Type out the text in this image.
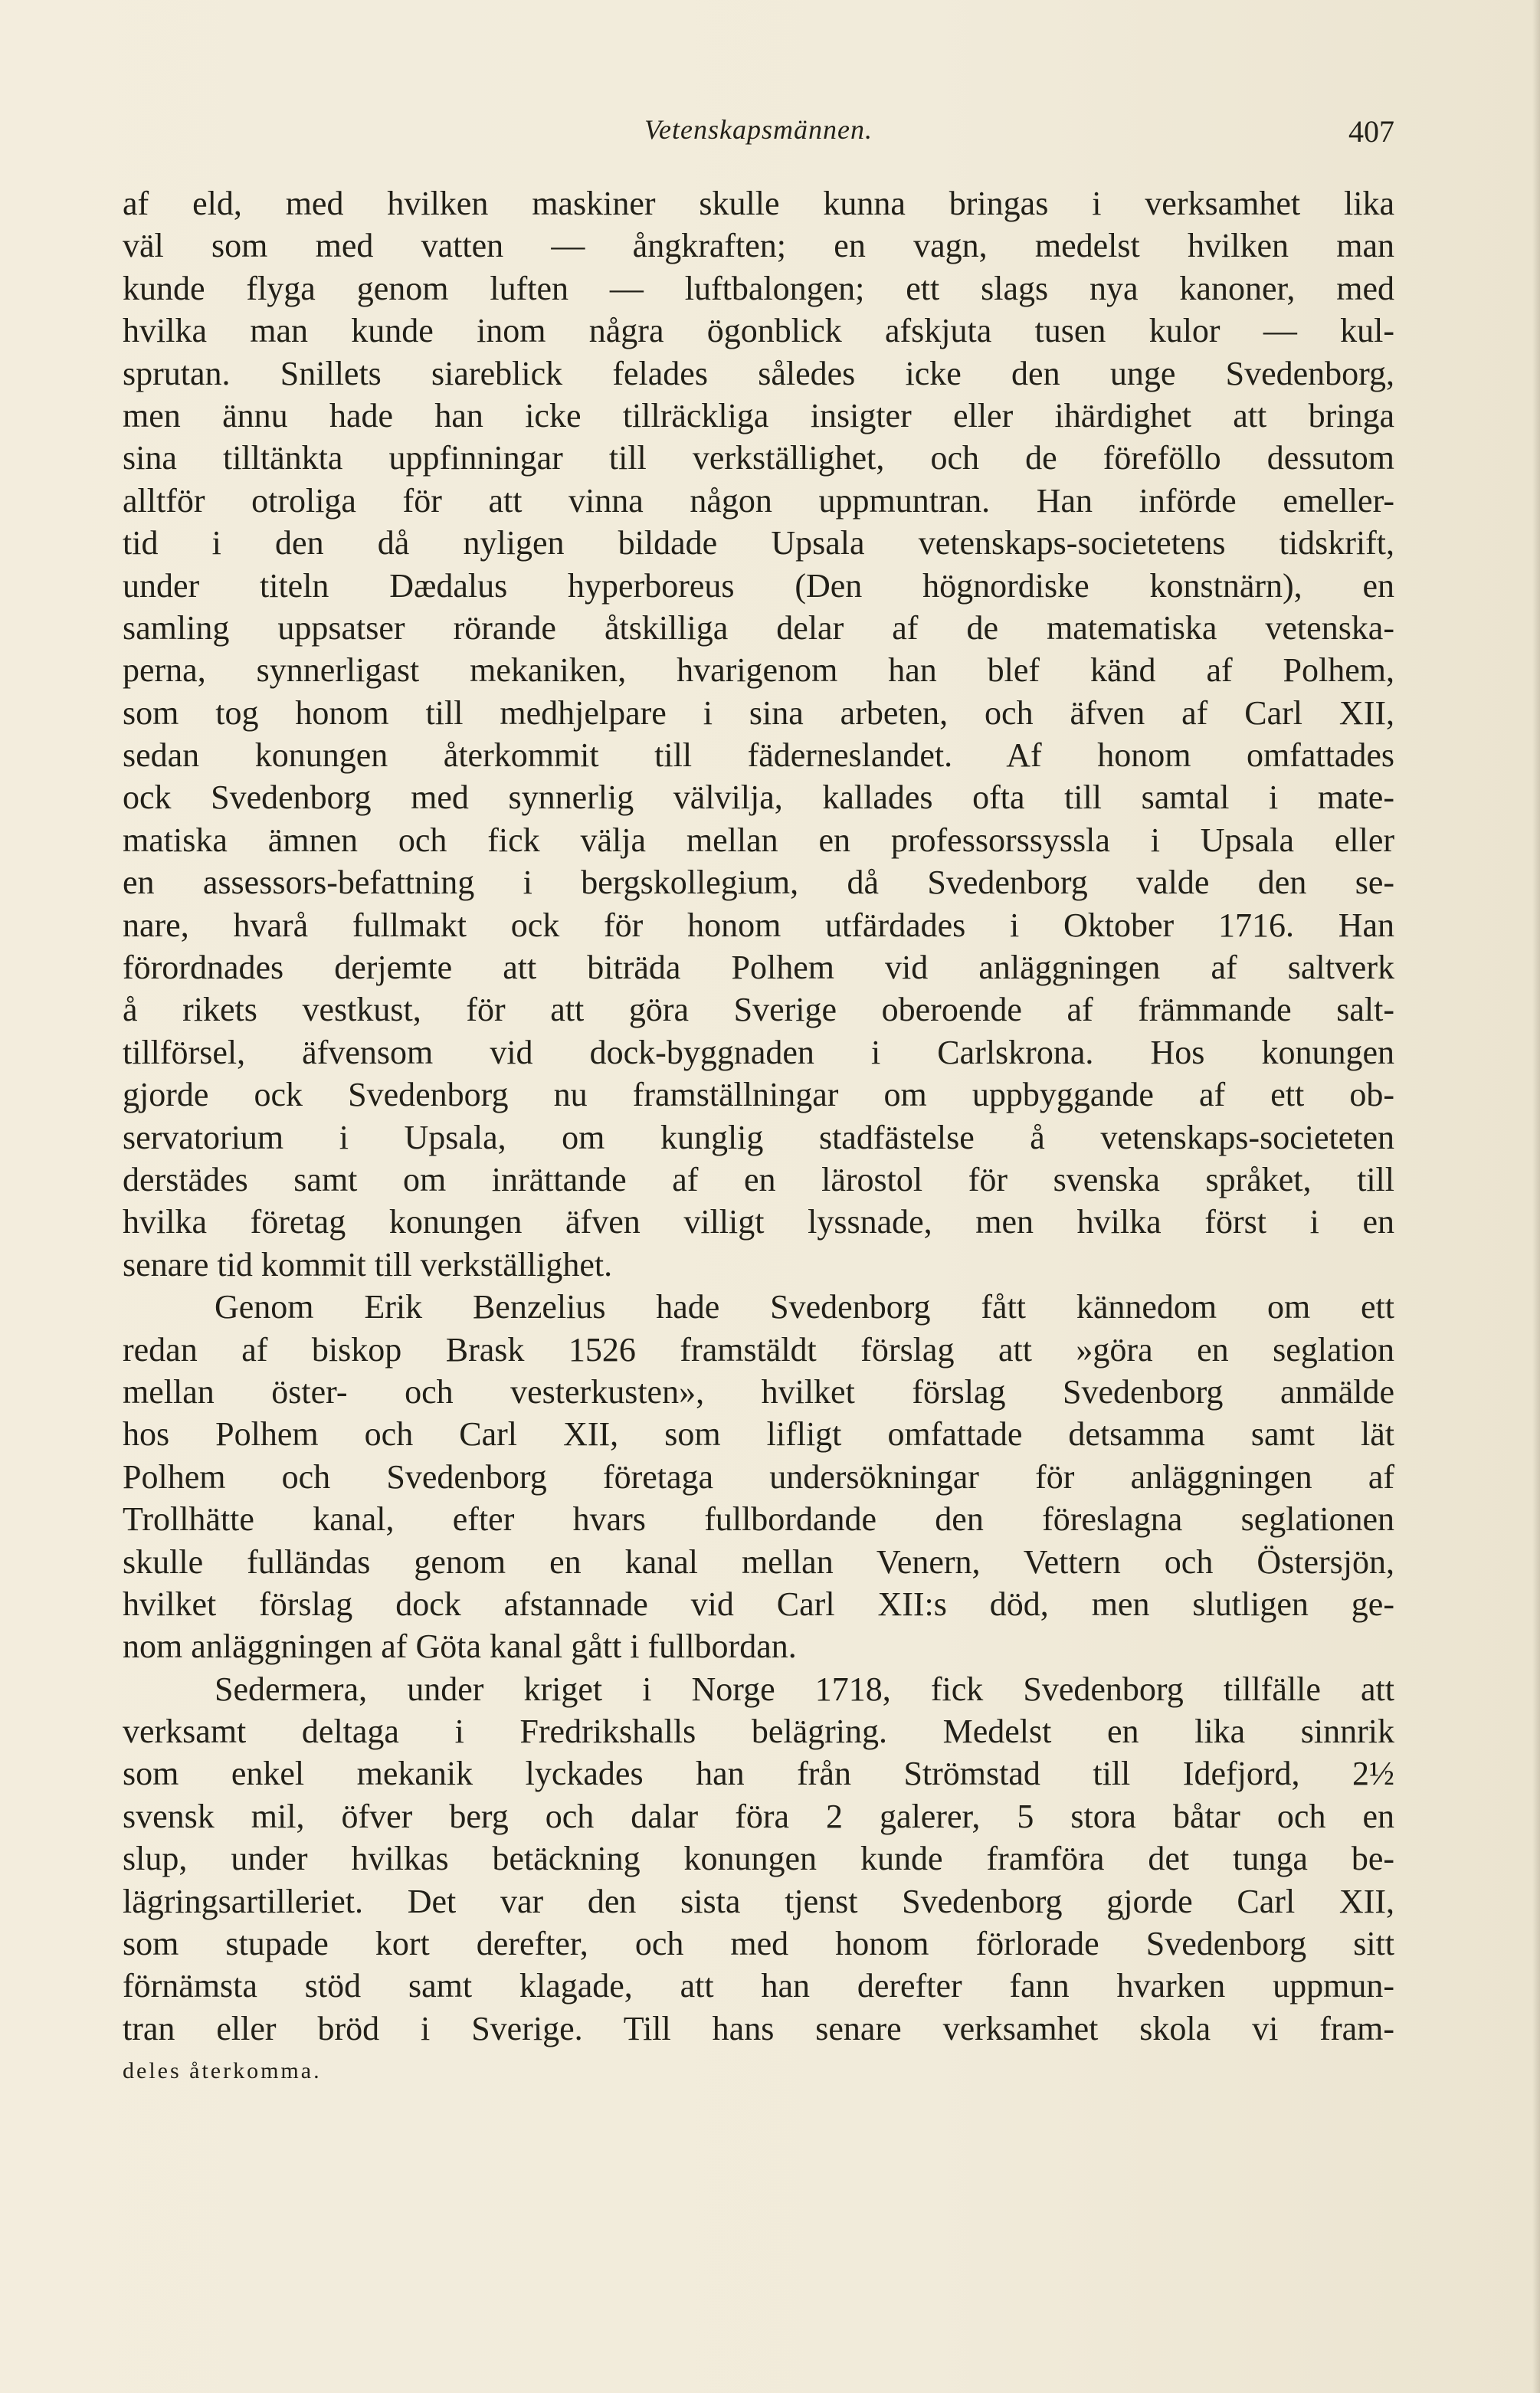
Vetenskapsmännen.	407
af eld, med hvilken maskiner skulle kunna bringas i verksamhet lika
väl som med vatten — ångkraften; en vagn, medelst hvilken man
kunde flyga genom luften — luftbalongen; ett slags nya kanoner, med
hvilka man kunde inom några ögonblick afskjuta tusen kulor — kul-
sprutan. Snillets siareblick felades således icke den unge Svedenborg,
men ännu hade han icke tillräckliga insigter eller ihärdighet att bringa
sina tilltänkta uppfinningar till verkställighet, och de föreföllo dessutom
alltför otroliga för att vinna någon uppmuntran. Han införde emeller-
tid i den då nyligen bildade Upsala vetenskaps-societetens tidskrift,
under titeln Dædalus hyperboreus (Den högnordiske konstnärn), en
samling uppsatser rörande åtskilliga delar af de matematiska vetenska-
perna, synnerligast mekaniken, hvarigenom han blef känd af Polhem,
som tog honom till medhjelpare i sina arbeten, och äfven af Carl XII,
sedan konungen återkommit till fäderneslandet. Af honom omfattades
ock Svedenborg med synnerlig välvilja, kallades ofta till samtal i mate-
matiska ämnen och fick välja mellan en professorssyssla i Upsala eller
en assessors-befattning i bergskollegium, då Svedenborg valde den se-
nare, hvarå fullmakt ock för honom utfärdades i Oktober 1716. Han
förordnades derjemte att biträda Polhem vid anläggningen af saltverk
å rikets vestkust, för att göra Sverige oberoende af främmande salt-
tillförsel, äfvensom vid dock-byggnaden i Carlskrona. Hos konungen
gjorde ock Svedenborg nu framställningar om uppbyggande af ett ob-
servatorium i Upsala, om kunglig stadfästelse å vetenskaps-societeten
derstädes samt om inrättande af en lärostol för svenska språket, till
hvilka företag konungen äfven villigt lyssnade, men hvilka först i en
senare tid kommit till verkställighet.
Genom Erik Benzelius hade Svedenborg fått kännedom om ett
redan af biskop Brask 1526 framstäldt förslag att »göra en seglation
mellan öster- och vesterkusten», hvilket förslag Svedenborg anmälde
hos Polhem och Carl XII, som lifligt omfattade detsamma samt lät
Polhem och Svedenborg företaga undersökningar för anläggningen af
Trollhätte kanal, efter hvars fullbordande den föreslagna seglationen
skulle fulländas genom en kanal mellan Venern, Vettern och Östersjön,
hvilket förslag dock afstannade vid Carl XII:s död, men slutligen ge-
nom anläggningen af Göta kanal gått i fullbordan.
Sedermera, under kriget i Norge 1718, fick Svedenborg tillfälle att
verksamt deltaga i Fredrikshalls belägring. Medelst en lika sinnrik
som enkel mekanik lyckades han från Strömstad till Idefjord, 2½
svensk mil, öfver berg och dalar föra 2 galerer, 5 stora båtar och en
slup, under hvilkas betäckning konungen kunde framföra det tunga be-
lägringsartilleriet. Det var den sista tjenst Svedenborg gjorde Carl XII,
som stupade kort derefter, och med honom förlorade Svedenborg sitt
förnämsta stöd samt klagade, att han derefter fann hvarken uppmun-
tran eller bröd i Sverige. Till hans senare verksamhet skola vi fram-
deles återkomma.
